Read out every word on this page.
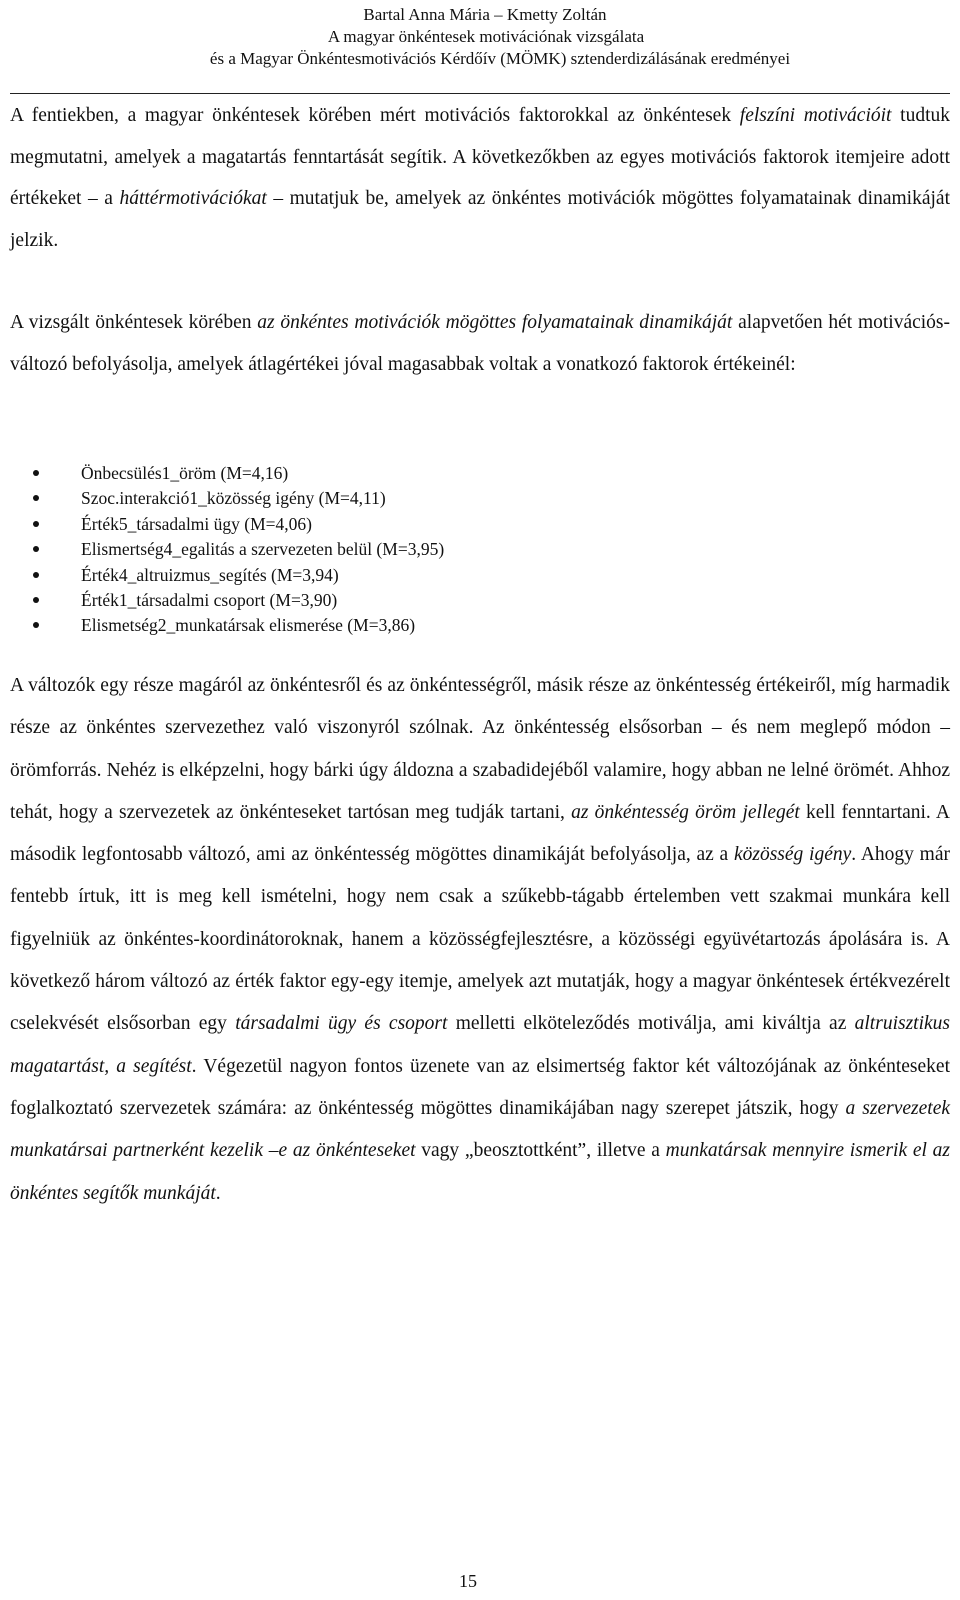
Bartal Anna Mária – Kmetty Zoltán
A magyar önkéntesek motivációnak vizsgálata
és a Magyar Önkéntesmotivációs Kérdőív (MÖMK) sztenderdizálásának eredményei

A fentiekben, a magyar önkéntesek körében mért motivációs faktorokkal az önkéntesek felszíni motivációit tudtuk megmutatni, amelyek a magatartás fenntartását segítik. A következőkben az egyes motivációs faktorok itemjeire adott értékeket – a háttérmotivációkat – mutatjuk be, amelyek az önkéntes motivációk mögöttes folyamatainak dinamikáját jelzik.

A vizsgált önkéntesek körében az önkéntes motivációk mögöttes folyamatainak dinamikáját alapvetően hét motivációs-változó befolyásolja, amelyek átlagértékei jóval magasabbak voltak a vonatkozó faktorok értékeinél:

Önbecsülés1_öröm (M=4,16)
Szoc.interakció1_közösség igény (M=4,11)
Érték5_társadalmi ügy (M=4,06)
Elismertség4_egalitás a szervezeten belül (M=3,95)
Érték4_altruizmus_segítés (M=3,94)
Érték1_társadalmi csoport (M=3,90)
Elismetség2_munkatársak elismerése (M=3,86)

A változók egy része magáról az önkéntesről és az önkéntességről, másik része az önkéntesség értékeiről, míg harmadik része az önkéntes szervezethez való viszonyról szólnak. Az önkéntesség elsősorban – és nem meglepő módon – örömforrás. Nehéz is elképzelni, hogy bárki úgy áldozna a szabadidejéből valamire, hogy abban ne lelné örömét. Ahhoz tehát, hogy a szervezetek az önkénteseket tartósan meg tudják tartani, az önkéntesség öröm jellegét kell fenntartani. A második legfontosabb változó, ami az önkéntesség mögöttes dinamikáját befolyásolja, az a közösség igény. Ahogy már fentebb írtuk, itt is meg kell ismételni, hogy nem csak a szűkebb-tágabb értelemben vett szakmai munkára kell figyelniük az önkéntes-koordinátoroknak, hanem a közösségfejlesztésre, a közösségi együvétartozás ápolására is. A következő három változó az érték faktor egy-egy itemje, amelyek azt mutatják, hogy a magyar önkéntesek értékvezérelt cselekvését elsősorban egy társadalmi ügy és csoport melletti elköteleződés motiválja, ami kiváltja az altruisztikus magatartást, a segítést. Végezetül nagyon fontos üzenete van az elsimertség faktor két változójának az önkénteseket foglalkoztató szervezetek számára: az önkéntesség mögöttes dinamikájában nagy szerepet játszik, hogy a szervezetek munkatársai partnerként kezelik –e az önkénteseket vagy „beosztottként”, illetve a munkatársak mennyire ismerik el az önkéntes segítők munkáját.

15
